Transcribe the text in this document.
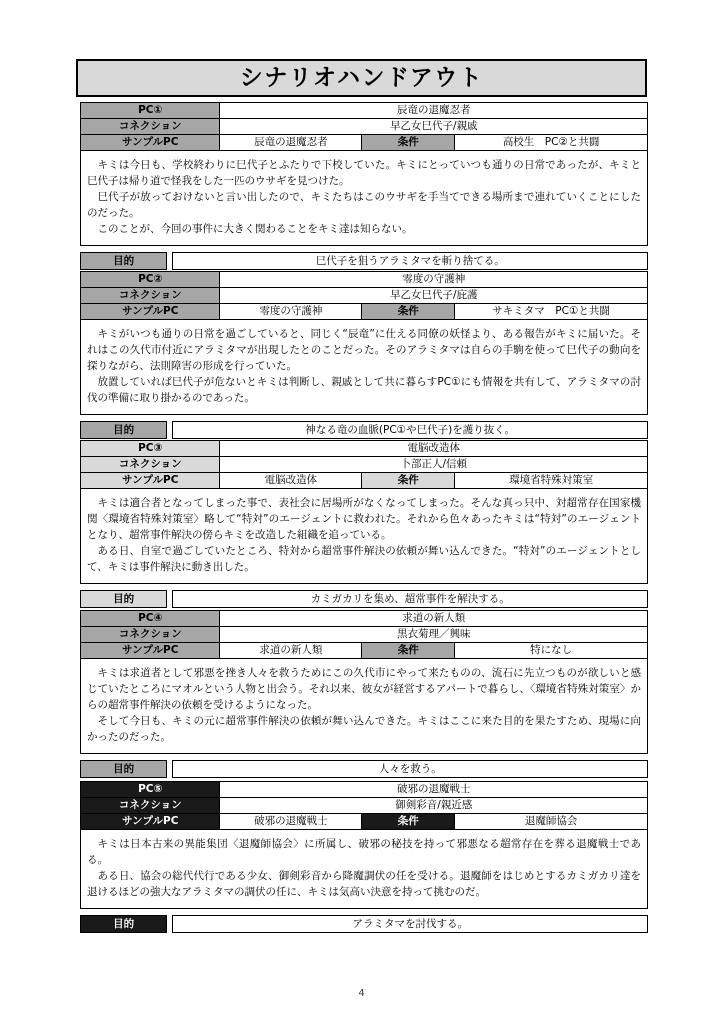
シナリオハンドアウト
PC①	辰竜の退魔忍者		
コネクション	早乙女巳代子/親戚		
サンプルPC	辰竜の退魔忍者	条件	高校生　PC②と共闘

キミは今日も、学校終わりに巳代子とふたりで下校していた。キミにとっていつも通りの日常であったが、キミと巳代子は帰り道で怪我をした一匹のウサギを見つけた。

巳代子が放っておけないと言い出したので、キミたちはこのウサギを手当てできる場所まで連れていくことにしたのだった。

このことが、今回の事件に大きく関わることをキミ達は知らない。

目的		巳代子を狙うアラミタマを斬り捨てる。
PC②	零度の守護神		
コネクション	早乙女巳代子/庇護		
サンプルPC	零度の守護神	条件	サキミタマ　PC①と共闘

キミがいつも通りの日常を過ごしていると、同じく“辰竜”に仕える同僚の妖怪より、ある報告がキミに届いた。それはこの久代市付近にアラミタマが出現したとのことだった。そのアラミタマは自らの手駒を使って巳代子の動向を探りながら、法則障害の形成を行っていた。

放置していれば巳代子が危ないとキミは判断し、親戚として共に暮らすPC①にも情報を共有して、アラミタマの討伐の準備に取り掛かるのであった。

目的		神なる竜の血脈(PC①や巳代子)を護り抜く。
PC③	電脳改造体		
コネクション	卜部正人/信頼		
サンプルPC	電脳改造体	条件	環境省特殊対策室

キミは適合者となってしまった事で、表社会に居場所がなくなってしまった。そんな真っ只中、対超常存在国家機関〈環境省特殊対策室〉略して“特対”のエージェントに救われた。それから色々あったキミは“特対”のエージェントとなり、超常事件解決の傍らキミを改造した組織を追っている。

ある日、自室で過ごしていたところ、特対から超常事件解決の依頼が舞い込んできた。“特対”のエージェントとして、キミは事件解決に動き出した。

目的		カミガカリを集め、超常事件を解決する。
PC④	求道の新人類		
コネクション	黒衣菊理／興味		
サンプルPC	求道の新人類	条件	特になし

キミは求道者として邪悪を挫き人々を救うためにこの久代市にやって来たものの、流石に先立つものが欲しいと感じていたところにマオルという人物と出会う。それ以来、彼女が経営するアパートで暮らし、〈環境省特殊対策室〉からの超常事件解決の依頼を受けるようになった。

そして今日も、キミの元に超常事件解決の依頼が舞い込んできた。キミはここに来た目的を果たすため、現場に向かったのだった。

目的		人々を救う。
PC⑤	破邪の退魔戦士		
コネクション	御剣彩音/親近感		
サンプルPC	破邪の退魔戦士	条件	退魔師協会

キミは日本古来の異能集団〈退魔師協会〉に所属し、破邪の秘技を持って邪悪なる超常存在を葬る退魔戦士である。

ある日、協会の総代代行である少女、御剣彩音から降魔調伏の任を受ける。退魔師をはじめとするカミガカリ達を退けるほどの強大なアラミタマの調伏の任に、キミは気高い決意を持って挑むのだ。

目的		アラミタマを討伐する。
4
